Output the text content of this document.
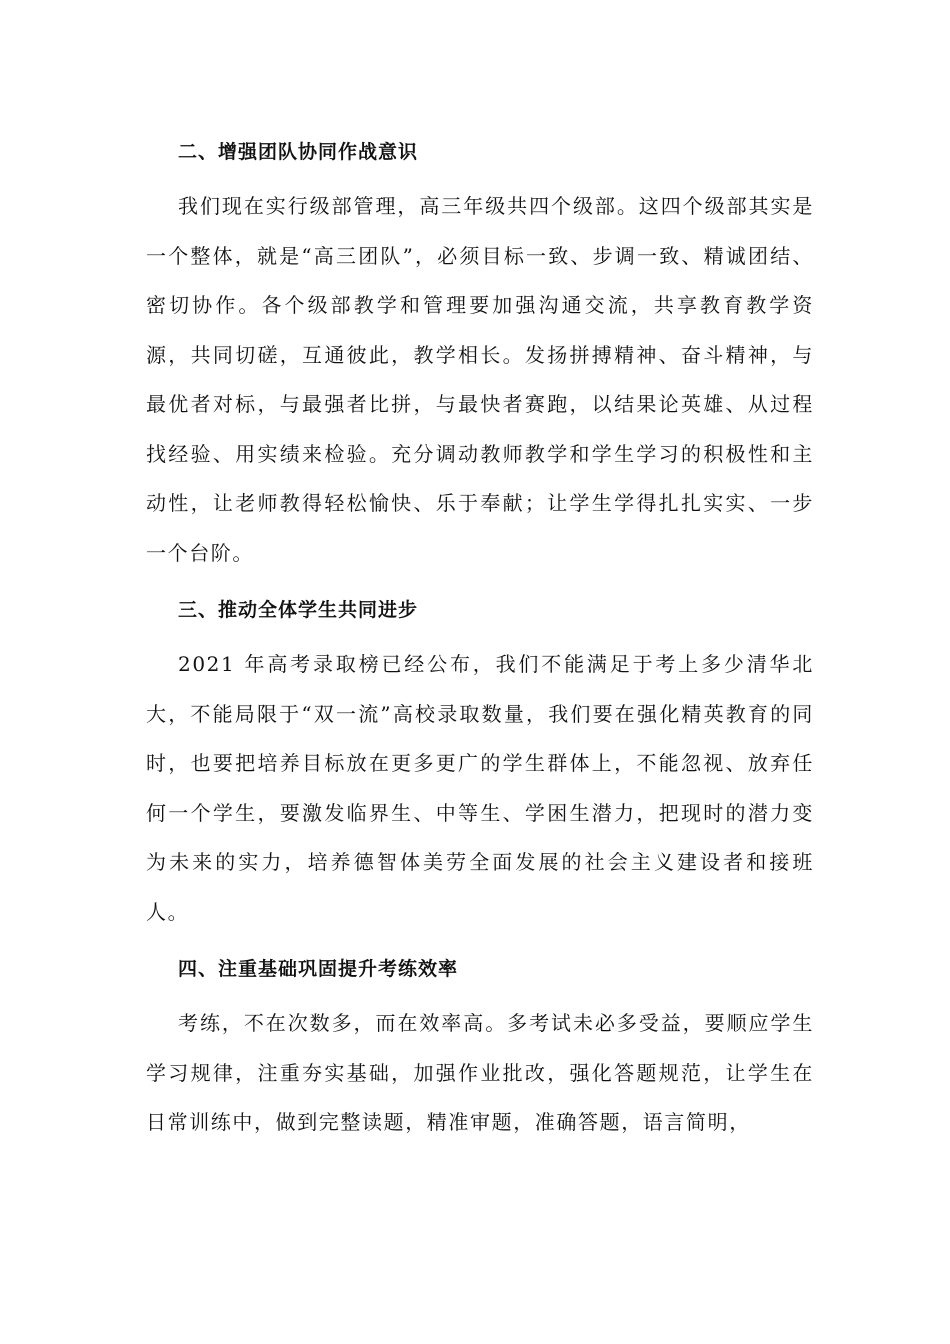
二、增强团队协同作战意识

我们现在实行级部管理，高三年级共四个级部。这四个级部其实是一个整体，就是“高三团队”，必须目标一致、步调一致、精诚团结、密切协作。各个级部教学和管理要加强沟通交流，共享教育教学资源，共同切磋，互通彼此，教学相长。发扬拼搏精神、奋斗精神，与最优者对标，与最强者比拼，与最快者赛跑，以结果论英雄、从过程找经验、用实绩来检验。充分调动教师教学和学生学习的积极性和主动性，让老师教得轻松愉快、乐于奉献；让学生学得扎扎实实、一步一个台阶。

三、推动全体学生共同进步

2021 年高考录取榜已经公布，我们不能满足于考上多少清华北大，不能局限于“双一流”高校录取数量，我们要在强化精英教育的同时，也要把培养目标放在更多更广的学生群体上，不能忽视、放弃任何一个学生，要激发临界生、中等生、学困生潜力，把现时的潜力变为未来的实力，培养德智体美劳全面发展的社会主义建设者和接班人。

四、注重基础巩固提升考练效率

考练，不在次数多，而在效率高。多考试未必多受益，要顺应学生学习规律，注重夯实基础，加强作业批改，强化答题规范，让学生在日常训练中，做到完整读题，精准审题，准确答题，语言简明，
